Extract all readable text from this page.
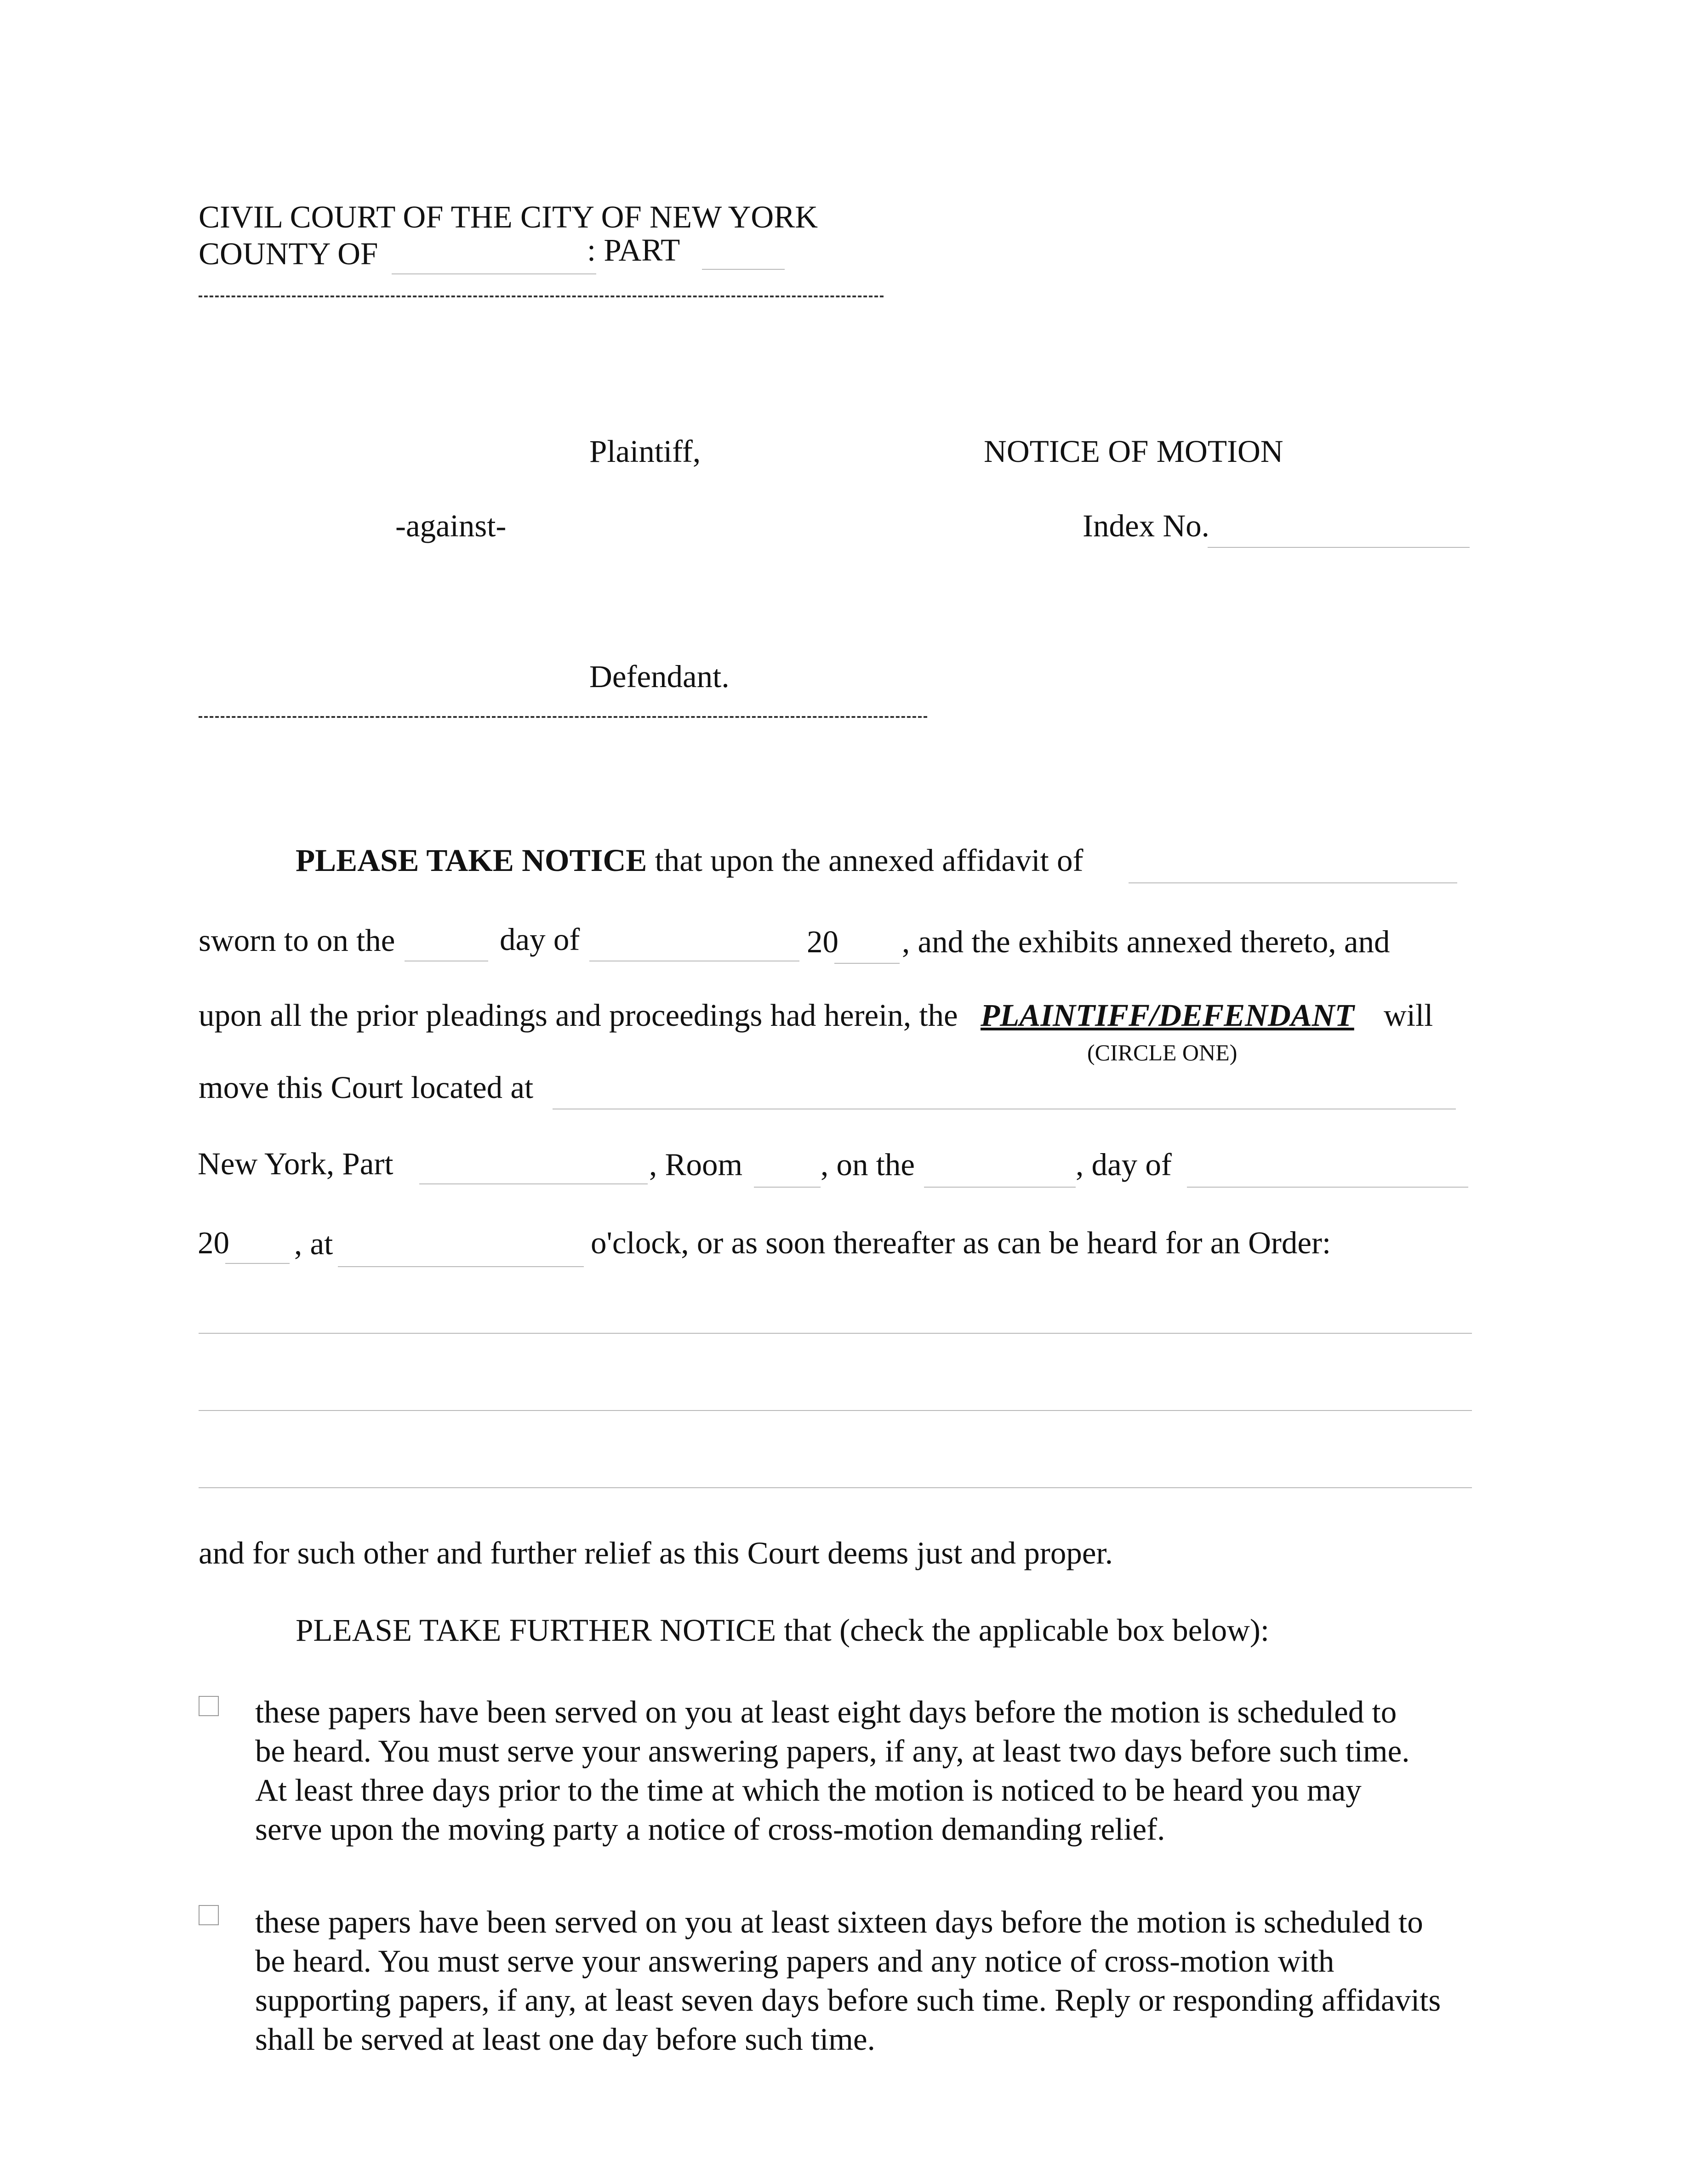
CIVIL COURT OF THE CITY OF NEW YORK
COUNTY OF	: PART
Plaintiff,	NOTICE OF MOTION
-against-	Index No.
Defendant.
PLEASE TAKE NOTICE that upon the annexed affidavit of
sworn to on the	day of	20 , and the exhibits annexed thereto, and
upon all the prior pleadings and proceedings had herein, the PLAINTIFF/DEFENDANT will
(CIRCLE ONE)
move this Court located at
New York, Part	, Room , on the	, day of
20 , at	o'clock, or as soon thereafter as can be heard for an Order:
and for such other and further relief as this Court deems just and proper.
PLEASE TAKE FURTHER NOTICE that (check the applicable box below):
these papers have been served on you at least eight days before the motion is scheduled to
be heard. You must serve your answering papers, if any, at least two days before such time.
At least three days prior to the time at which the motion is noticed to be heard you may
serve upon the moving party a notice of cross-motion demanding relief.
these papers have been served on you at least sixteen days before the motion is scheduled to
be heard. You must serve your answering papers and any notice of cross-motion with
supporting papers, if any, at least seven days before such time. Reply or responding affidavits
shall be served at least one day before such time.
